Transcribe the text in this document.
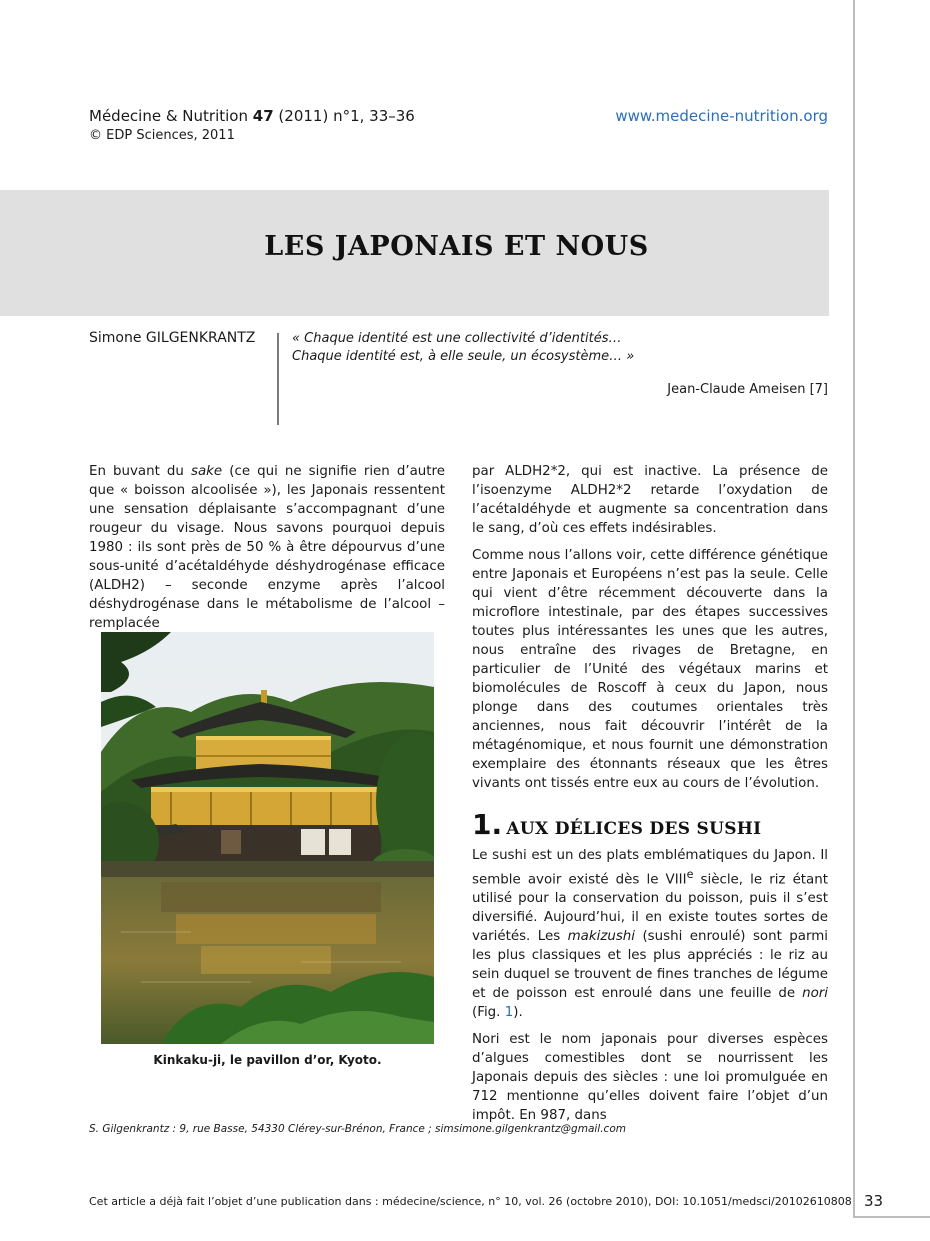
Médecine & Nutrition 47 (2011) n°1, 33–36
© EDP Sciences, 2011
www.medecine-nutrition.org
LES JAPONAIS ET NOUS
Simone GILGENKRANTZ	« Chaque identité est une collectivité d’identités…
Chaque identité est, à elle seule, un écosystème… »
Jean-Claude Ameisen [7]

En buvant du sake (ce qui ne signifie rien d’autre que « boisson alcoolisée »), les Japonais ressentent une sensation déplaisante s’accompagnant d’une rougeur du visage. Nous savons pourquoi depuis 1980 : ils sont près de 50 % à être dépourvus d’une sous-unité d’acétaldéhyde déshydrogénase efficace (ALDH2) – seconde enzyme après l’alcool déshydrogénase dans le métabolisme de l’alcool – remplacée

Kinkaku-ji, le pavillon d’or, Kyoto.

par ALDH2*2, qui est inactive. La présence de l’isoenzyme ALDH2*2 retarde l’oxydation de l’acétaldéhyde et augmente sa concentration dans le sang, d’où ces effets indésirables.

Comme nous l’allons voir, cette différence génétique entre Japonais et Européens n’est pas la seule. Celle qui vient d’être récemment découverte dans la microflore intestinale, par des étapes successives toutes plus intéressantes les unes que les autres, nous entraîne des rivages de Bretagne, en particulier de l’Unité des végétaux marins et biomolécules de Roscoff à ceux du Japon, nous plonge dans des coutumes orientales très anciennes, nous fait découvrir l’intérêt de la métagénomique, et nous fournit une démonstration exemplaire des étonnants réseaux que les êtres vivants ont tissés entre eux au cours de l’évolution.

1. AUX DÉLICES DES SUSHI

Le sushi est un des plats emblématiques du Japon. Il semble avoir existé dès le VIIIe siècle, le riz étant utilisé pour la conservation du poisson, puis il s’est diversifié. Aujourd’hui, il en existe toutes sortes de variétés. Les makizushi (sushi enroulé) sont parmi les plus classiques et les plus appréciés : le riz au sein duquel se trouvent de fines tranches de légume et de poisson est enroulé dans une feuille de nori (Fig. 1).

Nori est le nom japonais pour diverses espèces d’algues comestibles dont se nourrissent les Japonais depuis des siècles : une loi promulguée en 712 mentionne qu’elles doivent faire l’objet d’un impôt. En 987, dans

S. Gilgenkrantz : 9, rue Basse, 54330 Clérey-sur-Brénon, France ; simsimone.gilgenkrantz@gmail.com
Cet article a déjà fait l’objet d’une publication dans : médecine/science, n° 10, vol. 26 (octobre 2010), DOI: 10.1051/medsci/20102610808 33
